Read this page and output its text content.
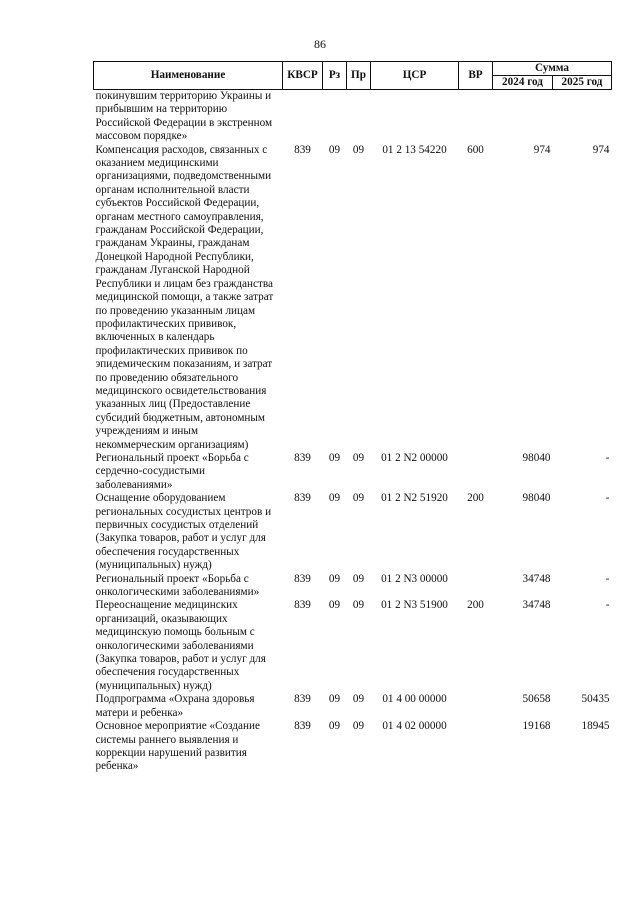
86
Наименование	КВСР	Рз	Пр	ЦСР	ВР	Сумма	
						2024 год	2025 год
покинувшим территорию Украины и прибывшим на территорию Российской Федерации в экстренном массовом порядке»							
Компенсация расходов, связанных с оказанием медицинскими организациями, подведомственными органам исполнительной власти субъектов Российской Федерации, органам местного самоуправления, гражданам Российской Федерации, гражданам Украины, гражданам Донецкой Народной Республики, гражданам Луганской Народной Республики и лицам без гражданства медицинской помощи, а также затрат по проведению указанным лицам профилактических прививок, включенных в календарь профилактических прививок по эпидемическим показаниям, и затрат по проведению обязательного медицинского освидетельствования указанных лиц (Предоставление субсидий бюджетным, автономным учреждениям и иным некоммерческим организациям)	839	09	09	01 2 13 54220	600	974	974
Региональный проект «Борьба с сердечно-сосудистыми заболеваниями»	839	09	09	01 2 N2 00000		98040	-
Оснащение оборудованием региональных сосудистых центров и первичных сосудистых отделений (Закупка товаров, работ и услуг для обеспечения государственных (муниципальных) нужд)	839	09	09	01 2 N2 51920	200	98040	-
Региональный проект «Борьба с онкологическими заболеваниями»	839	09	09	01 2 N3 00000		34748	-
Переоснащение медицинских организаций, оказывающих медицинскую помощь больным с онкологическими заболеваниями (Закупка товаров, работ и услуг для обеспечения государственных (муниципальных) нужд)	839	09	09	01 2 N3 51900	200	34748	-
Подпрограмма «Охрана здоровья матери и ребенка»	839	09	09	01 4 00 00000		50658	50435
Основное мероприятие «Создание системы раннего выявления и коррекции нарушений развития ребенка»	839	09	09	01 4 02 00000		19168	18945
